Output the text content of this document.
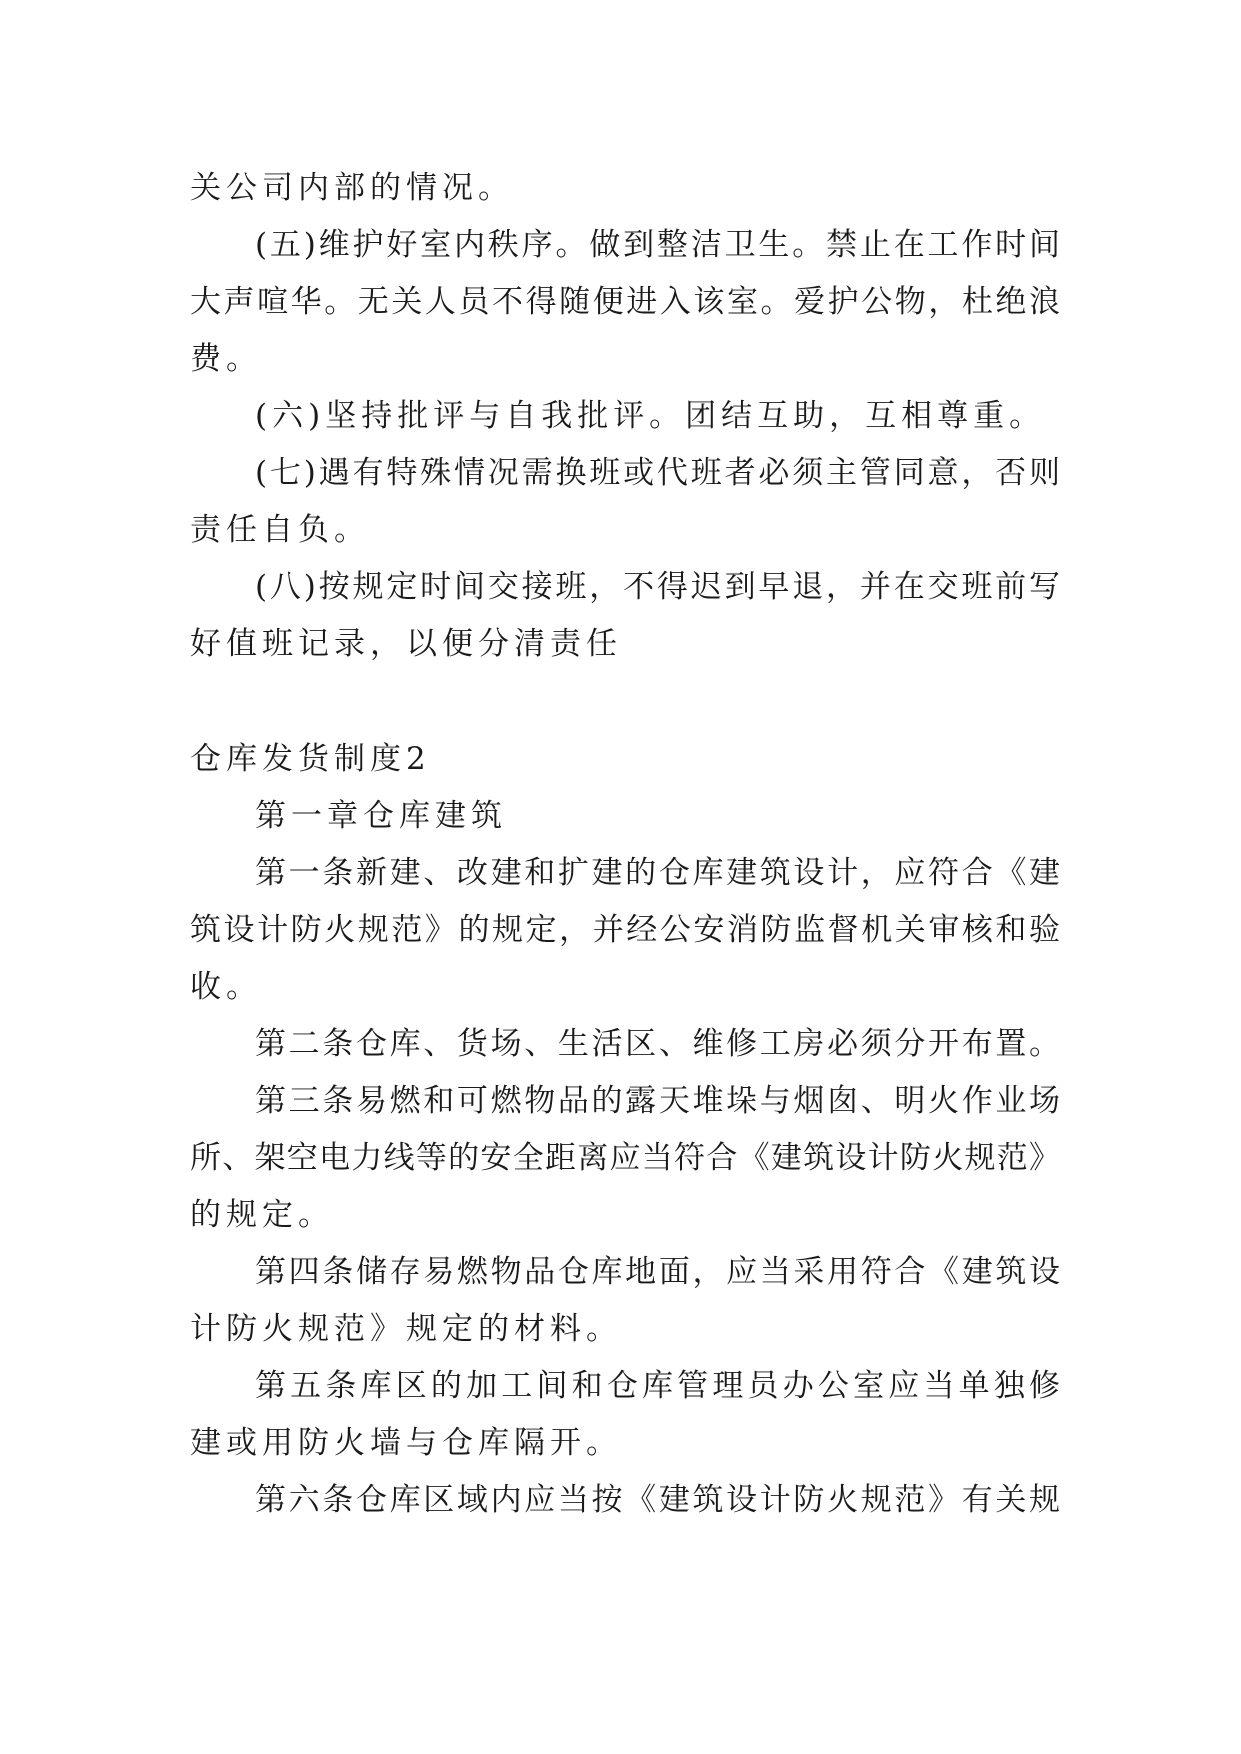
关公司内部的情况。
(五)维护好室内秩序。做到整洁卫生。禁止在工作时间
大声喧华。无关人员不得随便进入该室。爱护公物，杜绝浪
费。
(六)坚持批评与自我批评。团结互助，互相尊重。
(七)遇有特殊情况需换班或代班者必须主管同意，否则
责任自负。
(八)按规定时间交接班，不得迟到早退，并在交班前写
好值班记录，以便分清责任
仓库发货制度2
第一章仓库建筑
第一条新建、改建和扩建的仓库建筑设计，应符合《建
筑设计防火规范》的规定，并经公安消防监督机关审核和验
收。
第二条仓库、货场、生活区、维修工房必须分开布置。
第三条易燃和可燃物品的露天堆垛与烟囱、明火作业场
所、架空电力线等的安全距离应当符合《建筑设计防火规范》
的规定。
第四条储存易燃物品仓库地面，应当采用符合《建筑设
计防火规范》规定的材料。
第五条库区的加工间和仓库管理员办公室应当单独修
建或用防火墙与仓库隔开。
第六条仓库区域内应当按《建筑设计防火规范》有关规
